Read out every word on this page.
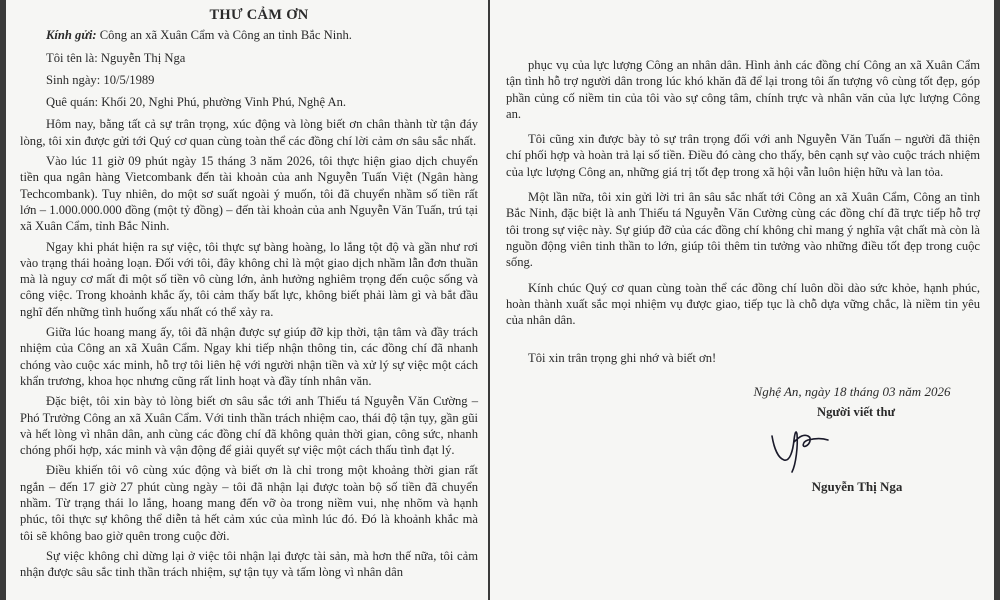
THƯ CẢM ƠN
Kính gửi: Công an xã Xuân Cẩm và Công an tỉnh Bắc Ninh.
Tôi tên là: Nguyễn Thị Nga
Sinh ngày: 10/5/1989
Quê quán: Khối 20, Nghi Phú, phường Vinh Phú, Nghệ An.

Hôm nay, bằng tất cả sự trân trọng, xúc động và lòng biết ơn chân thành từ tận đáy lòng, tôi xin được gửi tới Quý cơ quan cùng toàn thể các đồng chí lời cảm ơn sâu sắc nhất.

Vào lúc 11 giờ 09 phút ngày 15 tháng 3 năm 2026, tôi thực hiện giao dịch chuyển tiền qua ngân hàng Vietcombank đến tài khoản của anh Nguyễn Tuấn Việt (Ngân hàng Techcombank). Tuy nhiên, do một sơ suất ngoài ý muốn, tôi đã chuyển nhầm số tiền rất lớn – 1.000.000.000 đồng (một tỷ đồng) – đến tài khoản của anh Nguyễn Văn Tuấn, trú tại xã Xuân Cẩm, tỉnh Bắc Ninh.

Ngay khi phát hiện ra sự việc, tôi thực sự bàng hoàng, lo lắng tột độ và gần như rơi vào trạng thái hoảng loạn. Đối với tôi, đây không chỉ là một giao dịch nhầm lẫn đơn thuần mà là nguy cơ mất đi một số tiền vô cùng lớn, ảnh hưởng nghiêm trọng đến cuộc sống và công việc. Trong khoảnh khắc ấy, tôi cảm thấy bất lực, không biết phải làm gì và bắt đầu nghĩ đến những tình huống xấu nhất có thể xảy ra.

Giữa lúc hoang mang ấy, tôi đã nhận được sự giúp đỡ kịp thời, tận tâm và đầy trách nhiệm của Công an xã Xuân Cẩm. Ngay khi tiếp nhận thông tin, các đồng chí đã nhanh chóng vào cuộc xác minh, hỗ trợ tôi liên hệ với người nhận tiền và xử lý sự việc một cách khẩn trương, khoa học nhưng cũng rất linh hoạt và đầy tính nhân văn.

Đặc biệt, tôi xin bày tỏ lòng biết ơn sâu sắc tới anh Thiếu tá Nguyễn Văn Cường – Phó Trưởng Công an xã Xuân Cẩm. Với tinh thần trách nhiệm cao, thái độ tận tụy, gần gũi và hết lòng vì nhân dân, anh cùng các đồng chí đã không quản thời gian, công sức, nhanh chóng phối hợp, xác minh và vận động để giải quyết sự việc một cách thấu tình đạt lý.

Điều khiến tôi vô cùng xúc động và biết ơn là chỉ trong một khoảng thời gian rất ngắn – đến 17 giờ 27 phút cùng ngày – tôi đã nhận lại được toàn bộ số tiền đã chuyển nhầm. Từ trạng thái lo lắng, hoang mang đến vỡ òa trong niềm vui, nhẹ nhõm và hạnh phúc, tôi thực sự không thể diễn tả hết cảm xúc của mình lúc đó. Đó là khoảnh khắc mà tôi sẽ không bao giờ quên trong cuộc đời.

Sự việc không chỉ dừng lại ở việc tôi nhận lại được tài sản, mà hơn thế nữa, tôi cảm nhận được sâu sắc tinh thần trách nhiệm, sự tận tụy và tấm lòng vì nhân dân

phục vụ của lực lượng Công an nhân dân. Hình ảnh các đồng chí Công an xã Xuân Cẩm tận tình hỗ trợ người dân trong lúc khó khăn đã để lại trong tôi ấn tượng vô cùng tốt đẹp, góp phần củng cố niềm tin của tôi vào sự công tâm, chính trực và nhân văn của lực lượng Công an.

Tôi cũng xin được bày tỏ sự trân trọng đối với anh Nguyễn Văn Tuấn – người đã thiện chí phối hợp và hoàn trả lại số tiền. Điều đó càng cho thấy, bên cạnh sự vào cuộc trách nhiệm của lực lượng Công an, những giá trị tốt đẹp trong xã hội vẫn luôn hiện hữu và lan tỏa.

Một lần nữa, tôi xin gửi lời tri ân sâu sắc nhất tới Công an xã Xuân Cẩm, Công an tỉnh Bắc Ninh, đặc biệt là anh Thiếu tá Nguyễn Văn Cường cùng các đồng chí đã trực tiếp hỗ trợ tôi trong sự việc này. Sự giúp đỡ của các đồng chí không chỉ mang ý nghĩa vật chất mà còn là nguồn động viên tinh thần to lớn, giúp tôi thêm tin tưởng vào những điều tốt đẹp trong cuộc sống.

Kính chúc Quý cơ quan cùng toàn thể các đồng chí luôn dồi dào sức khỏe, hạnh phúc, hoàn thành xuất sắc mọi nhiệm vụ được giao, tiếp tục là chỗ dựa vững chắc, là niềm tin yêu của nhân dân.

Tôi xin trân trọng ghi nhớ và biết ơn!

Nghệ An, ngày 18 tháng 03 năm 2026
Người viết thư
Nguyễn Thị Nga
